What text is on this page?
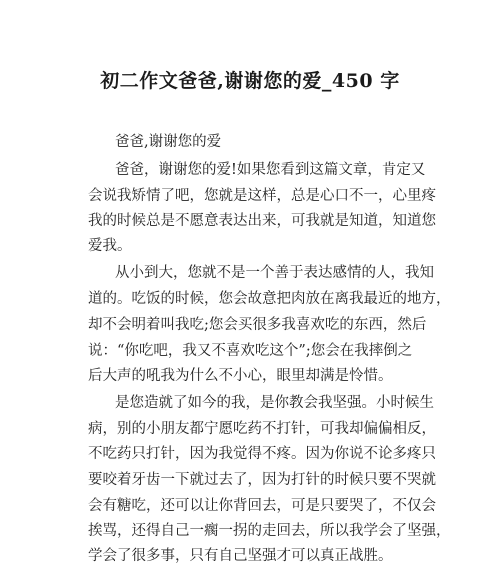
初二作文爸爸,谢谢您的爱_450 字
爸爸,谢谢您的爱
爸爸，谢谢您的爱!如果您看到这篇文章，肯定又
会说我矫情了吧，您就是这样，总是心口不一，心里疼
我的时候总是不愿意表达出来，可我就是知道，知道您
爱我。
从小到大，您就不是一个善于表达感情的人，我知
道的。吃饭的时候，您会故意把肉放在离我最近的地方，
却不会明着叫我吃;您会买很多我喜欢吃的东西，然后
说：“你吃吧，我又不喜欢吃这个”;您会在我摔倒之
后大声的吼我为什么不小心，眼里却满是怜惜。
是您造就了如今的我，是你教会我坚强。小时候生
病，别的小朋友都宁愿吃药不打针，可我却偏偏相反，
不吃药只打针，因为我觉得不疼。因为你说不论多疼只
要咬着牙齿一下就过去了，因为打针的时候只要不哭就
会有糖吃，还可以让你背回去，可是只要哭了，不仅会
挨骂，还得自己一瘸一拐的走回去，所以我学会了坚强，
学会了很多事，只有自己坚强才可以真正战胜。
